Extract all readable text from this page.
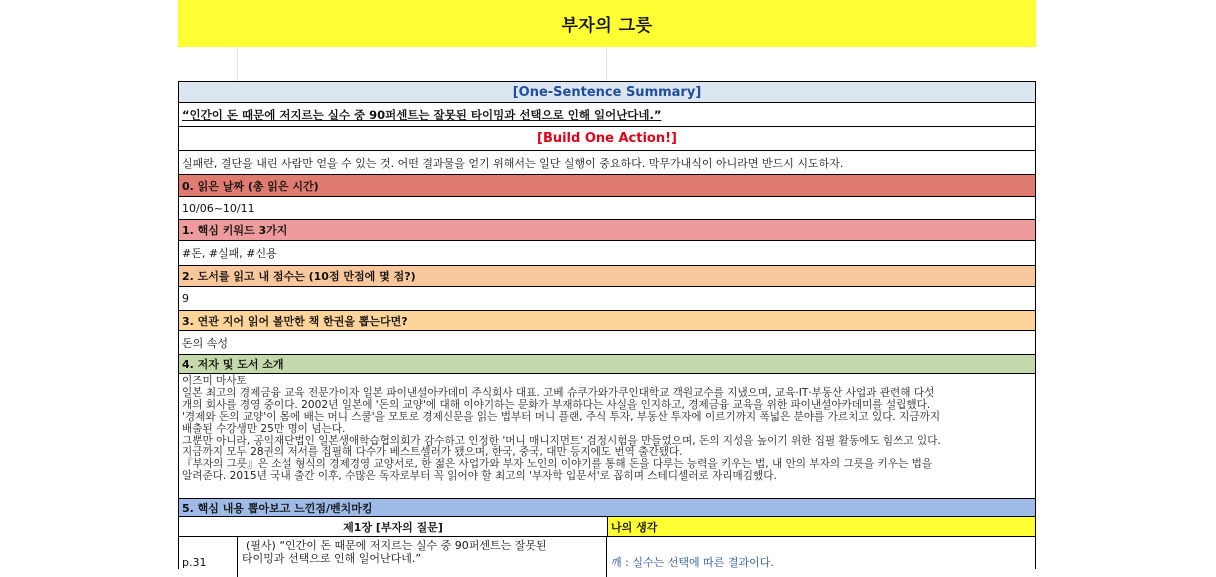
부자의 그릇
[One-Sentence Summary]
“인간이 돈 때문에 저지르는 실수 중 90퍼센트는 잘못된 타이밍과 선택으로 인해 일어난다네.”
[Build One Action!]
실패란, 결단을 내린 사람만 얻을 수 있는 것. 어떤 결과물을 얻기 위해서는 일단 실행이 중요하다. 막무가내식이 아니라면 반드시 시도하자.
0. 읽은 날짜 (총 읽은 시간)
10/06~10/11
1. 핵심 키워드 3가지
#돈, #실패, #신용
2. 도서를 읽고 내 점수는 (10점 만점에 몇 점?)
9
3. 연관 지어 읽어 볼만한 책 한권을 뽑는다면?
돈의 속성
4. 저자 및 도서 소개
이즈미 마사토
일본 최고의 경제금융 교육 전문가이자 일본 파이낸셜아카데미 주식회사 대표. 고베 슈쿠가와가쿠인대학교 객원교수를 지냈으며, 교육·IT·부동산 사업과 관련해 다섯
개의 회사를 경영 중이다. 2002년 일본에 '돈의 교양'에 대해 이야기하는 문화가 부재하다는 사실을 인지하고, 경제금융 교육을 위한 파이낸셜아카데미를 설립했다.
'경제와 돈의 교양'이 몸에 배는 머니 스쿨'을 모토로 경제신문을 읽는 법부터 머니 플랜, 주식 투자, 부동산 투자에 이르기까지 폭넓은 분야를 가르치고 있다. 지금까지
배출된 수강생만 25만 명이 넘는다.
그뿐만 아니라, 공익재단법인 일본생애학습협의회가 감수하고 인정한 '머니 매니지먼트' 검정시험을 만들었으며, 돈의 지성을 높이기 위한 집필 활동에도 힘쓰고 있다.
지금까지 모두 28권의 저서를 집필해 다수가 베스트셀러가 됐으며, 한국, 중국, 대만 등지에도 번역 출간됐다.
『부자의 그릇』은 소설 형식의 경제경영 교양서로, 한 젊은 사업가와 부자 노인의 이야기를 통해 돈을 다루는 능력을 키우는 법, 내 안의 부자의 그릇을 키우는 법을
알려준다. 2015년 국내 출간 이후, 수많은 독자로부터 꼭 읽어야 할 최고의 '부자학 입문서'로 꼽히며 스테디셀러로 자리매김했다.
5. 핵심 내용 뽑아보고 느낀점/벤치마킹
제1장 [부자의 질문]	나의 생각
p.31
(필사) “인간이 돈 때문에 저지르는 실수 중 90퍼센트는 잘못된
타이밍과 선택으로 인해 일어난다네.”	깨 : 실수는 선택에 따른 결과이다.
